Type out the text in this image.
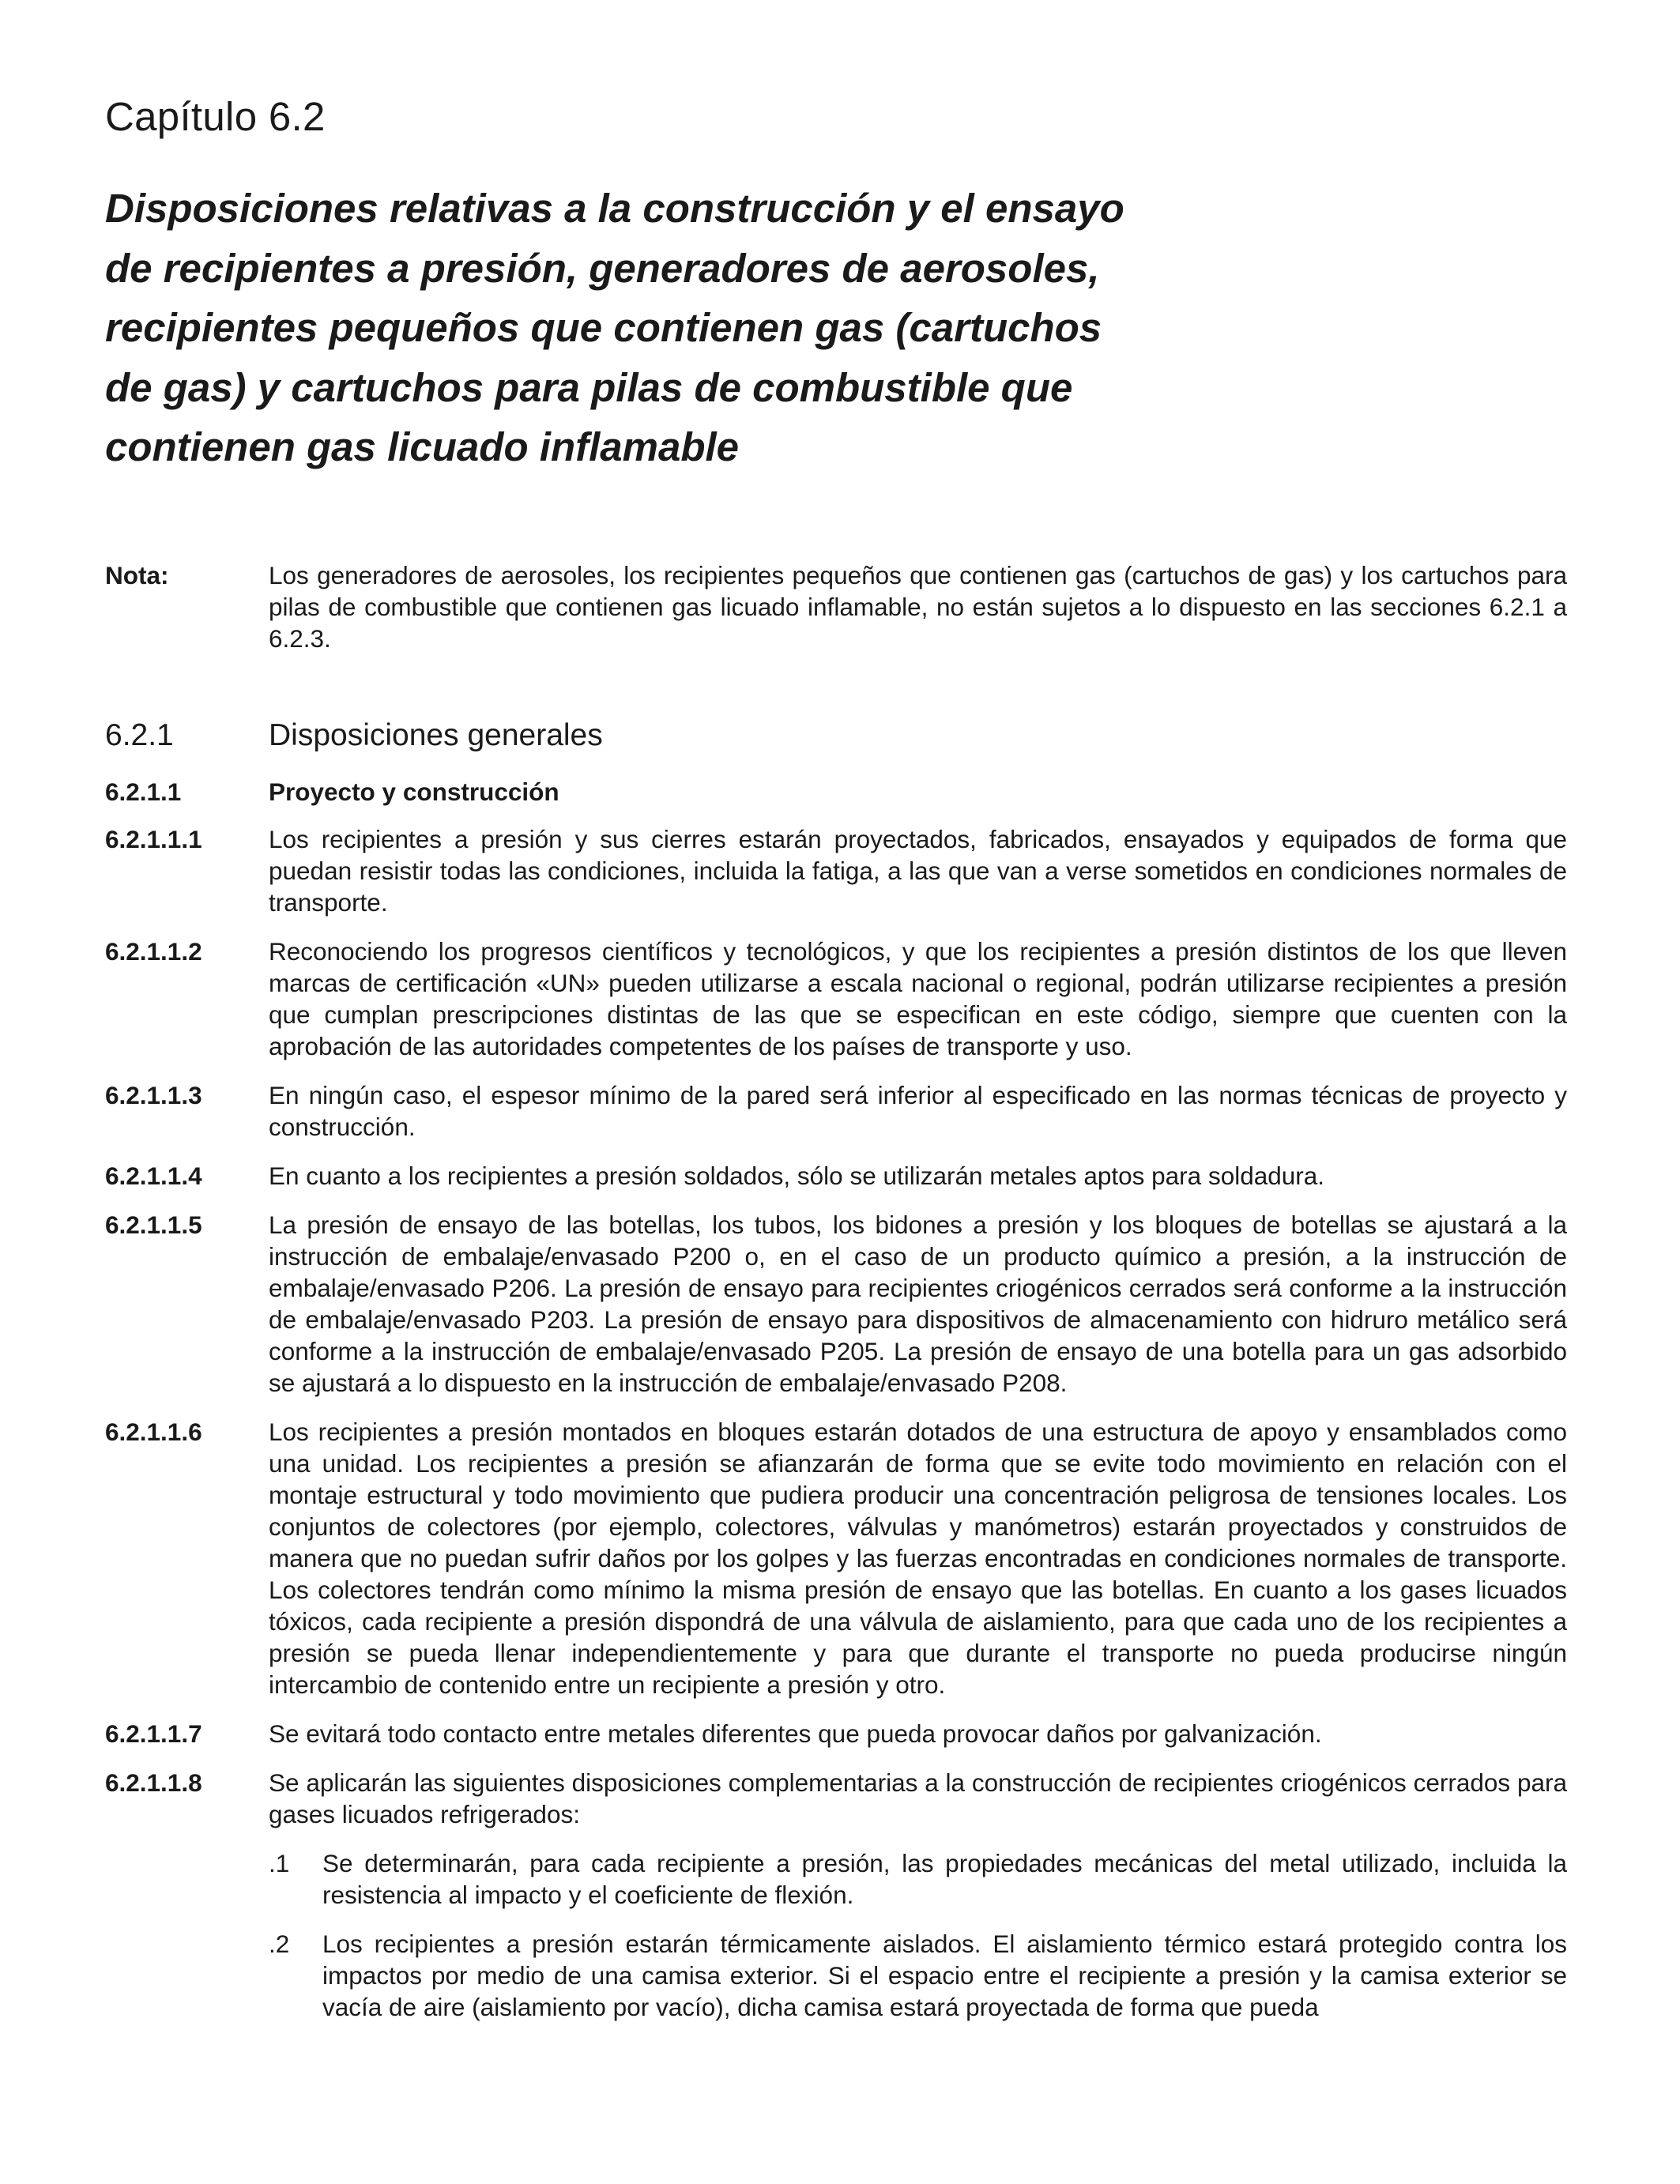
Capítulo 6.2
Disposiciones relativas a la construcción y el ensayo
de recipientes a presión, generadores de aerosoles,
recipientes pequeños que contienen gas (cartuchos
de gas) y cartuchos para pilas de combustible que
contienen gas licuado inflamable
Nota:	Los generadores de aerosoles, los recipientes pequeños que contienen gas (cartuchos de gas) y los cartuchos para pilas de combustible que contienen gas licuado inflamable, no están sujetos a lo dispuesto en las secciones 6.2.1 a 6.2.3.
6.2.1	Disposiciones generales
6.2.1.1	Proyecto y construcción
6.2.1.1.1	Los recipientes a presión y sus cierres estarán proyectados, fabricados, ensayados y equipados de forma que puedan resistir todas las condiciones, incluida la fatiga, a las que van a verse sometidos en condiciones normales de transporte.
6.2.1.1.2	Reconociendo los progresos científicos y tecnológicos, y que los recipientes a presión distintos de los que lleven marcas de certificación «UN» pueden utilizarse a escala nacional o regional, podrán utilizarse recipientes a presión que cumplan prescripciones distintas de las que se especifican en este código, siempre que cuenten con la aprobación de las autoridades competentes de los países de transporte y uso.
6.2.1.1.3	En ningún caso, el espesor mínimo de la pared será inferior al especificado en las normas técnicas de proyecto y construcción.
6.2.1.1.4	En cuanto a los recipientes a presión soldados, sólo se utilizarán metales aptos para soldadura.
6.2.1.1.5	La presión de ensayo de las botellas, los tubos, los bidones a presión y los bloques de botellas se ajustará a la instrucción de embalaje/envasado P200 o, en el caso de un producto químico a presión, a la instrucción de embalaje/envasado P206. La presión de ensayo para recipientes criogénicos cerrados será conforme a la instrucción de embalaje/envasado P203. La presión de ensayo para dispositivos de almacenamiento con hidruro metálico será conforme a la instrucción de embalaje/envasado P205. La presión de ensayo de una botella para un gas adsorbido se ajustará a lo dispuesto en la instrucción de embalaje/envasado P208.
6.2.1.1.6	Los recipientes a presión montados en bloques estarán dotados de una estructura de apoyo y ensamblados como una unidad. Los recipientes a presión se afianzarán de forma que se evite todo movimiento en relación con el montaje estructural y todo movimiento que pudiera producir una concentración peligrosa de tensiones locales. Los conjuntos de colectores (por ejemplo, colectores, válvulas y manómetros) estarán proyectados y construidos de manera que no puedan sufrir daños por los golpes y las fuerzas encontradas en condiciones normales de transporte. Los colectores tendrán como mínimo la misma presión de ensayo que las botellas. En cuanto a los gases licuados tóxicos, cada recipiente a presión dispondrá de una válvula de aislamiento, para que cada uno de los recipientes a presión se pueda llenar independientemente y para que durante el transporte no pueda producirse ningún intercambio de contenido entre un recipiente a presión y otro.
6.2.1.1.7	Se evitará todo contacto entre metales diferentes que pueda provocar daños por galvanización.
6.2.1.1.8	Se aplicarán las siguientes disposiciones complementarias a la construcción de recipientes criogénicos cerrados para gases licuados refrigerados:
.1	Se determinarán, para cada recipiente a presión, las propiedades mecánicas del metal utilizado, incluida la resistencia al impacto y el coeficiente de flexión.
.2	Los recipientes a presión estarán térmicamente aislados. El aislamiento térmico estará protegido contra los impactos por medio de una camisa exterior. Si el espacio entre el recipiente a presión y la camisa exterior se vacía de aire (aislamiento por vacío), dicha camisa estará proyectada de forma que pueda
